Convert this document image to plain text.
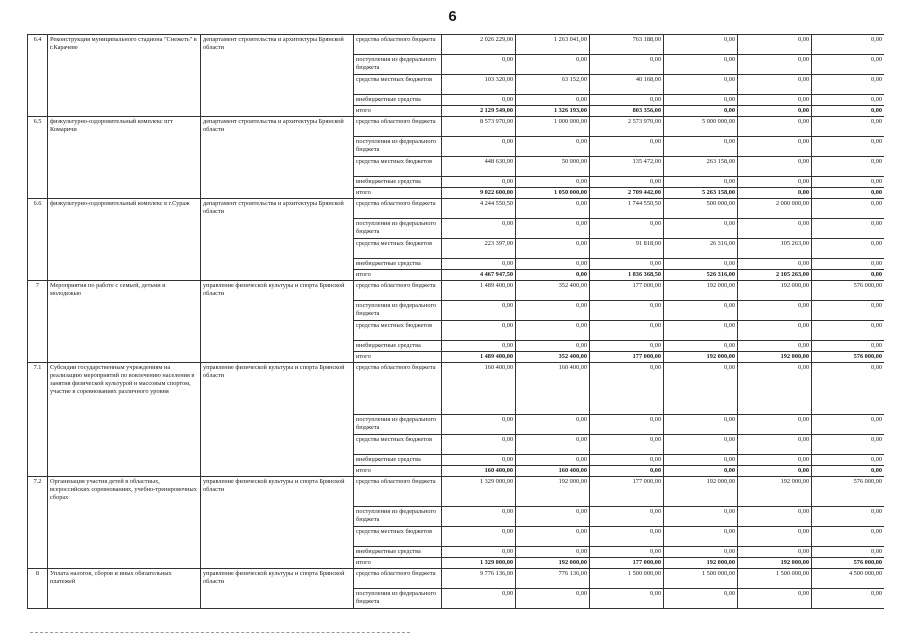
6
6.4	Реконструкция муниципального стадиона "Снежеть" в г.Карачеве	департамент строительства и архитектуры Брянской области	средства областного бюджета	2 026 229,00	1 263 041,00	763 188,00	0,00	0,00	0,00
			поступления из федерального бюджета	0,00	0,00	0,00	0,00	0,00	0,00
			средства местных бюджетов	103 320,00	63 152,00	40 168,00	0,00	0,00	0,00
			внебюджетные средства	0,00	0,00	0,00	0,00	0,00	0,00
			итого	2 129 549,00	1 326 193,00	803 356,00	0,00	0,00	0,00
6.5	физкультурно-оздоровительный комплекс пгт Комаричи	департамент строительства и архитектуры Брянской области	средства областного бюджета	8 573 970,00	1 000 000,00	2 573 970,00	5 000 000,00	0,00	0,00
			поступления из федерального бюджета	0,00	0,00	0,00	0,00	0,00	0,00
			средства местных бюджетов	448 630,00	50 000,00	135 472,00	263 158,00	0,00	0,00
			внебюджетные средства	0,00	0,00	0,00	0,00	0,00	0,00
			итого	9 022 600,00	1 050 000,00	2 709 442,00	5 263 158,00	0,00	0,00
6.6	физкультурно-оздоровительный комплекс в г.Сураж	департамент строительства и архитектуры Брянской области	средства областного бюджета	4 244 550,50	0,00	1 744 550,50	500 000,00	2 000 000,00	0,00
			поступления из федерального бюджета	0,00	0,00	0,00	0,00	0,00	0,00
			средства местных бюджетов	223 397,00	0,00	91 818,00	26 316,00	105 263,00	0,00
			внебюджетные средства	0,00	0,00	0,00	0,00	0,00	0,00
			итого	4 467 947,50	0,00	1 836 368,50	526 316,00	2 105 263,00	0,00
7	Мероприятия по работе с семьей, детьми и молодежью	управление физической культуры и спорта Брянской области	средства областного бюджета	1 489 400,00	352 400,00	177 000,00	192 000,00	192 000,00	576 000,00
			поступления из федерального бюджета	0,00	0,00	0,00	0,00	0,00	0,00
			средства местных бюджетов	0,00	0,00	0,00	0,00	0,00	0,00
			внебюджетные средства	0,00	0,00	0,00	0,00	0,00	0,00
			итого	1 489 400,00	352 400,00	177 000,00	192 000,00	192 000,00	576 000,00
7.1	Субсидии государственным учреждениям на реализацию мероприятий по вовлечению населения в занятия физической культурой и массовым спортом, участие в соревнованиях различного уровня	управление физической культуры и спорта Брянской области	средства областного бюджета	160 400,00	160 400,00	0,00	0,00	0,00	0,00
			поступления из федерального бюджета	0,00	0,00	0,00	0,00	0,00	0,00
			средства местных бюджетов	0,00	0,00	0,00	0,00	0,00	0,00
			внебюджетные средства	0,00	0,00	0,00	0,00	0,00	0,00
			итого	160 400,00	160 400,00	0,00	0,00	0,00	0,00
7.2	Организация участия детей в областных, всероссийских соревнованиях, учебно-тренировочных сборах	управление физической культуры и спорта Брянской области	средства областного бюджета	1 329 000,00	192 000,00	177 000,00	192 000,00	192 000,00	576 000,00
			поступления из федерального бюджета	0,00	0,00	0,00	0,00	0,00	0,00
			средства местных бюджетов	0,00	0,00	0,00	0,00	0,00	0,00
			внебюджетные средства	0,00	0,00	0,00	0,00	0,00	0,00
			итого	1 329 000,00	192 000,00	177 000,00	192 000,00	192 000,00	576 000,00
8	Уплата налогов, сборов и иных обязательных платежей	управление физической культуры и спорта Брянской области	средства областного бюджета	9 776 136,00	776 136,00	1 500 000,00	1 500 000,00	1 500 000,00	4 500 000,00
			поступления из федерального бюджета	0,00	0,00	0,00	0,00	0,00	0,00
